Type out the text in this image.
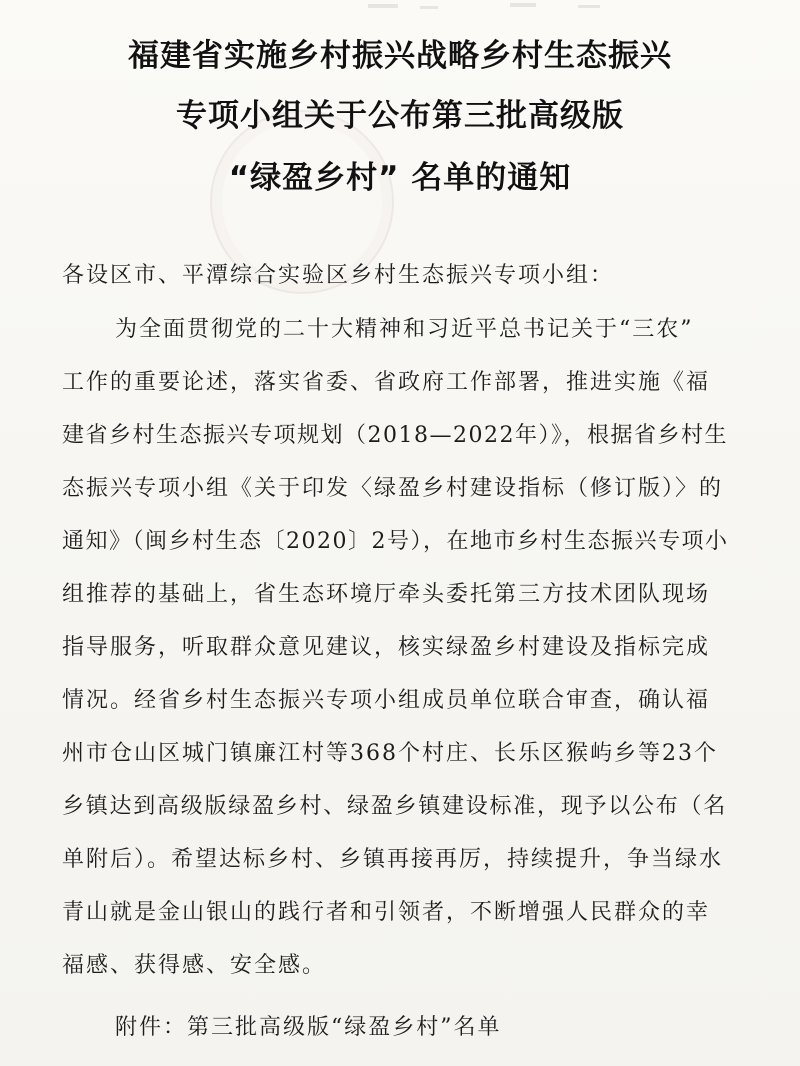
福建省实施乡村振兴战略乡村生态振兴
专项小组关于公布第三批高级版
“绿盈乡村” 名单的通知
各设区市、平潭综合实验区乡村生态振兴专项小组：
为全面贯彻党的二十大精神和习近平总书记关于“三农”
工作的重要论述，落实省委、省政府工作部署，推进实施《福
建省乡村生态振兴专项规划（2018—2022年）》，根据省乡村生
态振兴专项小组《关于印发〈绿盈乡村建设指标（修订版）〉的
通知》（闽乡村生态〔2020〕2号），在地市乡村生态振兴专项小
组推荐的基础上，省生态环境厅牵头委托第三方技术团队现场
指导服务，听取群众意见建议，核实绿盈乡村建设及指标完成
情况。经省乡村生态振兴专项小组成员单位联合审查，确认福
州市仓山区城门镇廉江村等368个村庄、长乐区猴屿乡等23个
乡镇达到高级版绿盈乡村、绿盈乡镇建设标准，现予以公布（名
单附后）。希望达标乡村、乡镇再接再厉，持续提升，争当绿水
青山就是金山银山的践行者和引领者，不断增强人民群众的幸
福感、获得感、安全感。
附件：第三批高级版“绿盈乡村”名单
